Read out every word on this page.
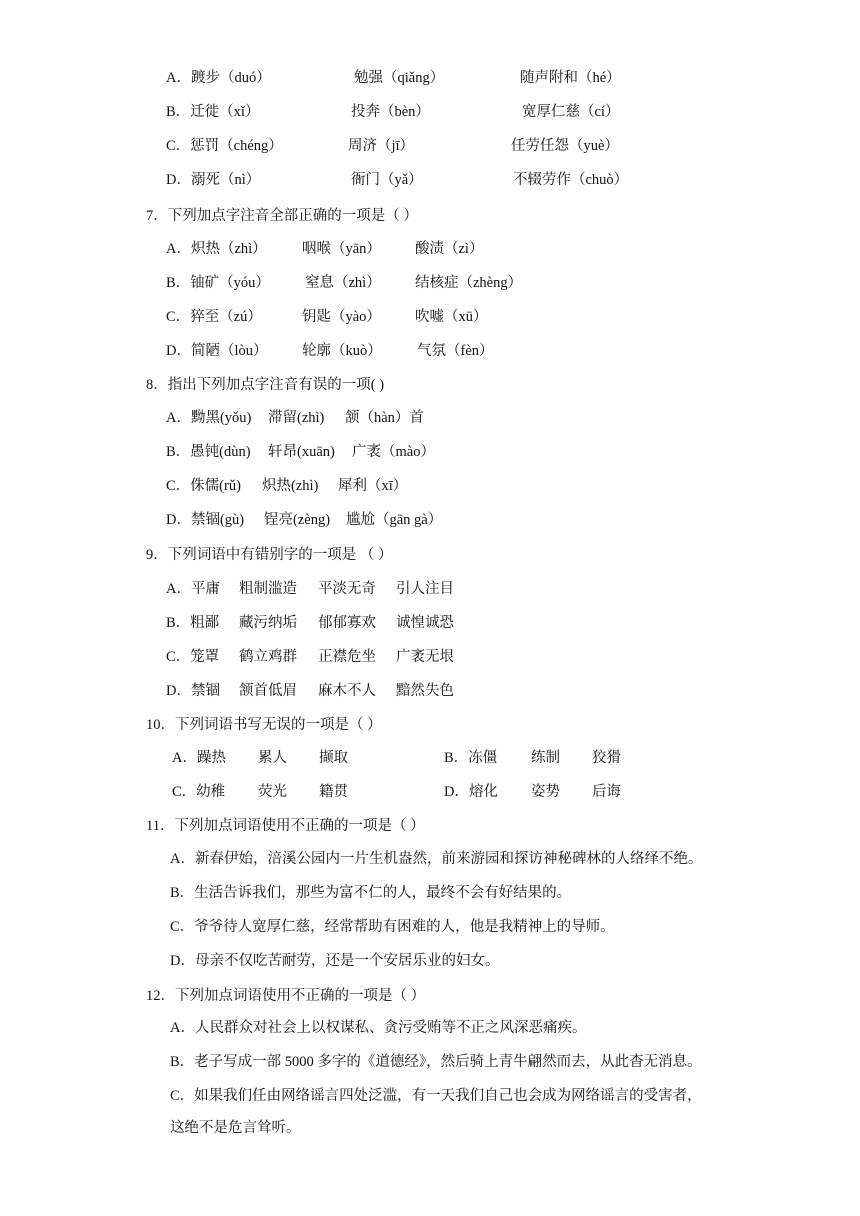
A．踱步（duó）	勉强（qiǎng）	随声附和（hé）
B．迁徙（xǐ）	投奔（bèn）	宽厚仁慈（cí）
C．惩罚（chéng）	周济（jī）	任劳任怨（yuè）
D．溺死（nì）	衙门（yǎ）	不辍劳作（chuò）
7．下列加点字注音全部正确的一项是（ ）
A．炽热（zhì） 咽喉（yān） 酸渍（zì）
B．铀矿（yóu） 窒息（zhì） 结核症（zhèng）
C．猝至（zú）	钥匙（yào） 吹嘘（xū）
D．简陋（lòu） 轮廓（kuò） 气氛（fèn）
8．指出下列加点字注音有误的一项( )
A．黝黑(yǒu) 滞留(zhì) 颔（hàn）首
B．愚钝(dùn) 轩昂(xuān) 广袤（mào）
C．侏儒(rǔ) 炽热(zhì) 犀利（xī）
D．禁锢(gù) 锃亮(zèng) 尴尬（gān gà）
9．下列词语中有错别字的一项是 （ ）
A．平庸 粗制滥造 平淡无奇 引人注目
B．粗鄙 藏污纳垢 郁郁寡欢 诚惶诚恐
C．笼罩 鹤立鸡群 正襟危坐 广袤无垠
D．禁锢 颔首低眉 麻木不人 黯然失色
10．下列词语书写无误的一项是（ ）
A．躁热 累人 撷取	B．冻僵 练制 狡猾
C．幼稚 荧光 籍贯	D．熔化 姿势 后诲
11．下列加点词语使用不正确的一项是（ ）
A．新春伊始，涪溪公园内一片生机盎然，前来游园和探访神秘碑林的人络绎不绝。
B．生活告诉我们，那些为富不仁的人，最终不会有好结果的。
C．爷爷待人宽厚仁慈，经常帮助有困难的人，他是我精神上的导师。
D．母亲不仅吃苦耐劳，还是一个安居乐业的妇女。
12．下列加点词语使用不正确的一项是（ ）
A．人民群众对社会上以权谋私、贪污受贿等不正之风深恶痛疾。
B．老子写成一部 5000 多字的《道德经》，然后骑上青牛翩然而去，从此杳无消息。
C．如果我们任由网络谣言四处泛滥，有一天我们自己也会成为网络谣言的受害者，
这绝不是危言耸听。
